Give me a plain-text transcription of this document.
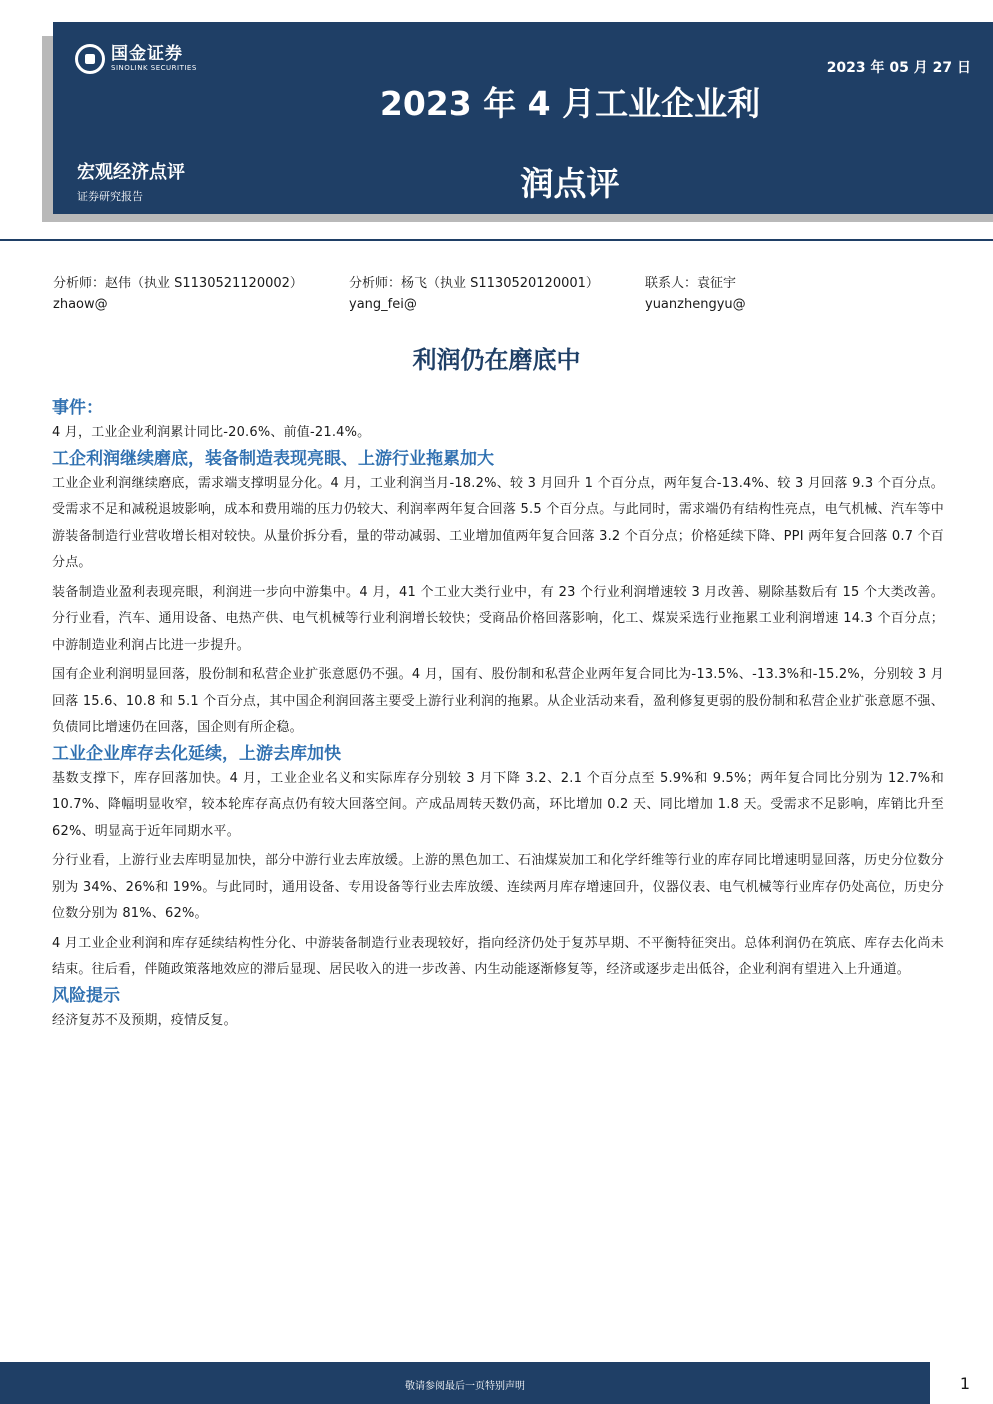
国金证券
SINOLINK SECURITIES	2023 年 05 月 27 日
2023 年 4 月工业企业利
润点评
宏观经济点评
证券研究报告
分析师：赵伟（执业 S1130521120002）
zhaow@
分析师：杨飞（执业 S1130520120001）
yang_fei@
联系人：袁征宇
yuanzhengyu@
利润仍在磨底中
事件：

4 月，工业企业利润累计同比-20.6%、前值-21.4%。

工企利润继续磨底，装备制造表现亮眼、上游行业拖累加大

工业企业利润继续磨底，需求端支撑明显分化。4 月，工业利润当月-18.2%、较 3 月回升 1 个百分点，两年复合-13.4%、较 3 月回落 9.3 个百分点。受需求不足和减税退坡影响，成本和费用端的压力仍较大、利润率两年复合回落 5.5 个百分点。与此同时，需求端仍有结构性亮点，电气机械、汽车等中游装备制造行业营收增长相对较快。从量价拆分看，量的带动减弱、工业增加值两年复合回落 3.2 个百分点；价格延续下降、PPI 两年复合回落 0.7 个百分点。

装备制造业盈利表现亮眼，利润进一步向中游集中。4 月，41 个工业大类行业中，有 23 个行业利润增速较 3 月改善、剔除基数后有 15 个大类改善。分行业看，汽车、通用设备、电热产供、电气机械等行业利润增长较快；受商品价格回落影响，化工、煤炭采选行业拖累工业利润增速 14.3 个百分点；中游制造业利润占比进一步提升。

国有企业利润明显回落，股份制和私营企业扩张意愿仍不强。4 月，国有、股份制和私营企业两年复合同比为-13.5%、-13.3%和-15.2%，分别较 3 月回落 15.6、10.8 和 5.1 个百分点，其中国企利润回落主要受上游行业利润的拖累。从企业活动来看，盈利修复更弱的股份制和私营企业扩张意愿不强、负债同比增速仍在回落，国企则有所企稳。

工业企业库存去化延续，上游去库加快

基数支撑下，库存回落加快。4 月，工业企业名义和实际库存分别较 3 月下降 3.2、2.1 个百分点至 5.9%和 9.5%；两年复合同比分别为 12.7%和 10.7%、降幅明显收窄，较本轮库存高点仍有较大回落空间。产成品周转天数仍高，环比增加 0.2 天、同比增加 1.8 天。受需求不足影响，库销比升至 62%、明显高于近年同期水平。

分行业看，上游行业去库明显加快，部分中游行业去库放缓。上游的黑色加工、石油煤炭加工和化学纤维等行业的库存同比增速明显回落，历史分位数分别为 34%、26%和 19%。与此同时，通用设备、专用设备等行业去库放缓、连续两月库存增速回升，仪器仪表、电气机械等行业库存仍处高位，历史分位数分别为 81%、62%。

4 月工业企业利润和库存延续结构性分化、中游装备制造行业表现较好，指向经济仍处于复苏早期、不平衡特征突出。总体利润仍在筑底、库存去化尚未结束。往后看，伴随政策落地效应的滞后显现、居民收入的进一步改善、内生动能逐渐修复等，经济或逐步走出低谷，企业利润有望进入上升通道。

风险提示

经济复苏不及预期，疫情反复。

敬请参阅最后一页特别声明	1
